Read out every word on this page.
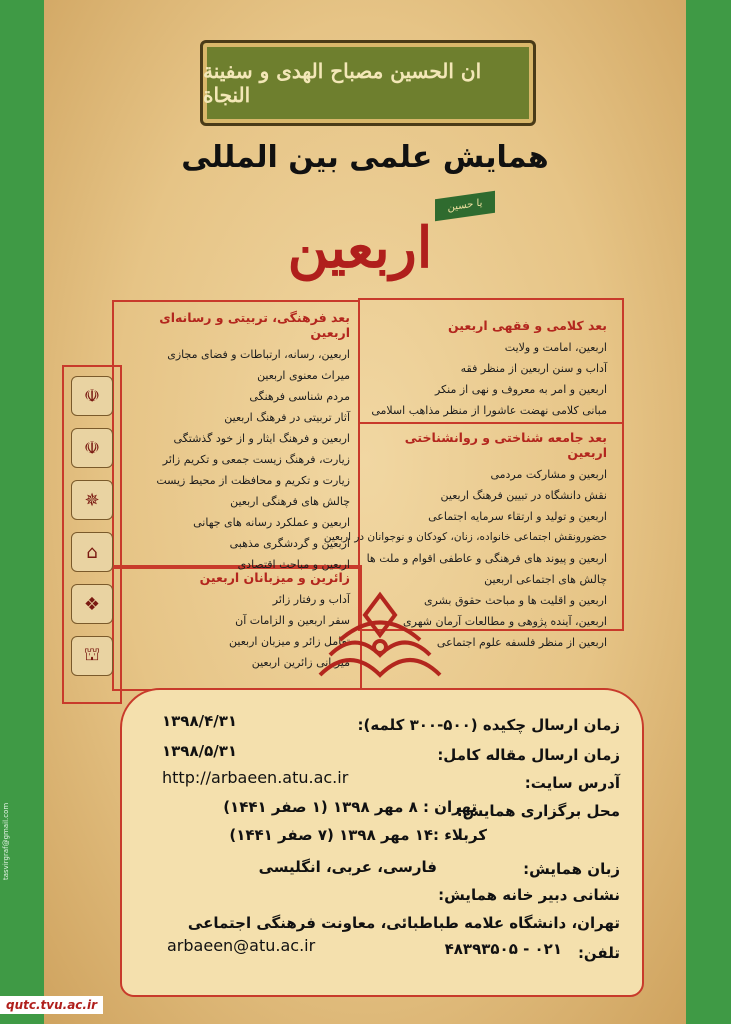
ان الحسین مصباح الهدی و سفینة النجاة
همایش علمی بین المللی
یا حسین
اربعین
بعد فرهنگی، تربیتی و رسانه‌ای اربعین
اربعین، رسانه، ارتباطات و فضای مجازی
میراث معنوی اربعین
مردم شناسی فرهنگی
آثار تربیتی در فرهنگ اربعین
اربعین و فرهنگ ایثار و از خود گذشتگی
زیارت، فرهنگ زیست جمعی و تکریم زائر
زیارت و تکریم و محافظت از محیط زیست
چالش های فرهنگی اربعین
اربعین و عملکرد رسانه های جهانی
اربعین و گردشگری مذهبی
اربعین و مباحث اقتصادی
بعد کلامی و فقهی اربعین
اربعین، امامت و ولایت
آداب و سنن اربعین از منظر فقه
اربعین و امر به معروف و نهی از منکر
مبانی کلامی نهضت عاشورا از منظر مذاهب اسلامی
بعد جامعه شناختی و روانشناختی اربعین
اربعین و مشارکت مردمی
نقش دانشگاه در تبیین فرهنگ اربعین
اربعین و تولید و ارتقاء سرمایه اجتماعی
حضورونقش اجتماعی خانواده، زنان، کودکان و نوجوانان در اربعین
اربعین و پیوند های فرهنگی و عاطفی اقوام و ملت ها
چالش های اجتماعی اربعین
اربعین و اقلیت ها و مباحث حقوق بشری
اربعین، آینده پژوهی و مطالعات آرمان شهری
اربعین از منظر فلسفه علوم اجتماعی
زائرین و میزبانان اربعین
آداب و رفتار زائر
سفر اربعین و الزامات آن
تعامل زائر و میزبان اربعین
میزبانی زائرین اربعین
☫
☫
✵
⌂
❖
⛫
زمان ارسال چکیده (۵۰۰-۳۰۰ کلمه):
۱۳۹۸/۴/۳۱
زمان ارسال مقاله کامل:
۱۳۹۸/۵/۳۱
آدرس سایت:
http://arbaeen.atu.ac.ir
محل برگزاری همایش:
تهران : ۸ مهر ۱۳۹۸ (۱ صفر ۱۴۴۱)
کربلاء :۱۴ مهر ۱۳۹۸ (۷ صفر ۱۴۴۱)
زبان همایش:
فارسی، عربی، انگلیسی
نشانی دبیر خانه همایش:
تهران، دانشگاه علامه طباطبائی، معاونت فرهنگی اجتماعی
تلفن:
۰۲۱ - ۴۸۳۹۳۵۰۵
arbaeen@atu.ac.ir
tasvirgraf@gmail.com
qutc.tvu.ac.ir
